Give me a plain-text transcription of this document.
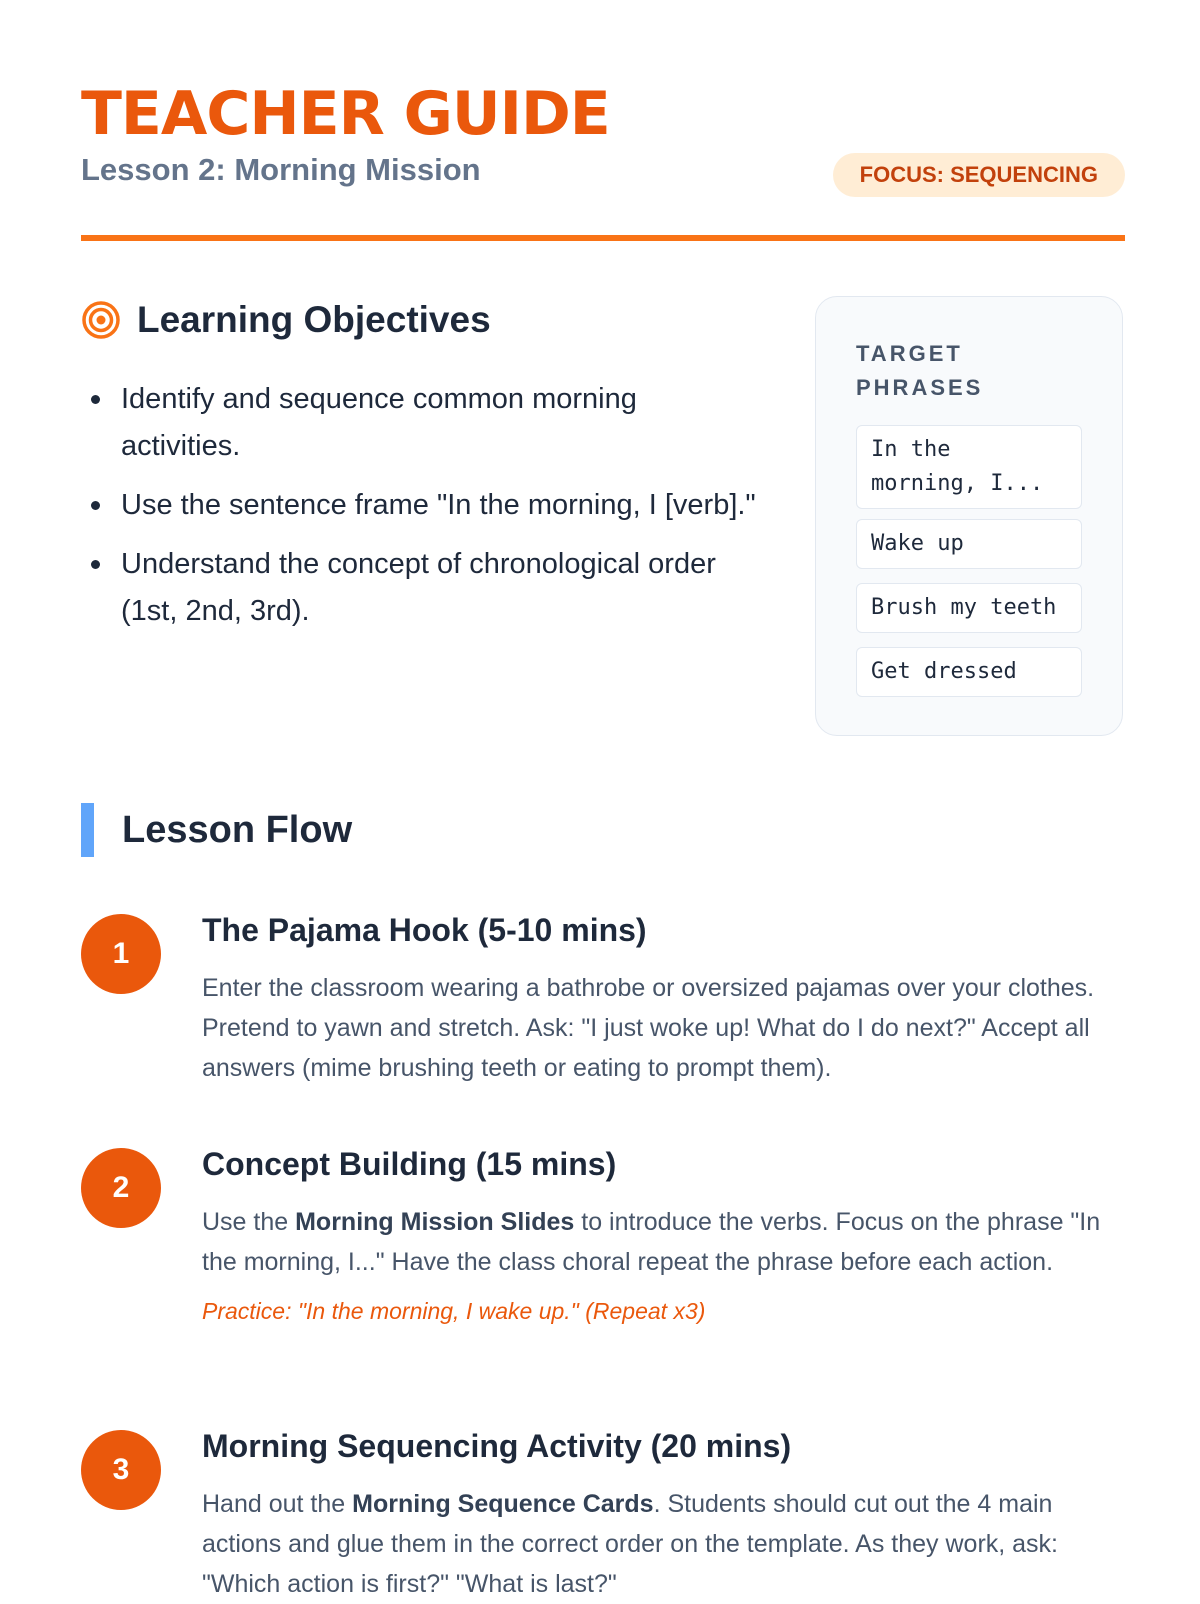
TEACHER GUIDE
Lesson 2: Morning Mission	FOCUS: SEQUENCING
Learning Objectives
Identify and sequence common morning activities.
Use the sentence frame "In the morning, I [verb]."
Understand the concept of chronological order (1st, 2nd, 3rd).
TARGET PHRASES
In the morning, I...
Wake up
Brush my teeth
Get dressed
Lesson Flow
1
The Pajama Hook (5-10 mins)

Enter the classroom wearing a bathrobe or oversized pajamas over your clothes. Pretend to yawn and stretch. Ask: "I just woke up! What do I do next?" Accept all answers (mime brushing teeth or eating to prompt them).

2
Concept Building (15 mins)

Use the Morning Mission Slides to introduce the verbs. Focus on the phrase "In the morning, I..." Have the class choral repeat the phrase before each action.

Practice: "In the morning, I wake up." (Repeat x3)

3
Morning Sequencing Activity (20 mins)

Hand out the Morning Sequence Cards. Students should cut out the 4 main actions and glue them in the correct order on the template. As they work, ask: "Which action is first?" "What is last?"
